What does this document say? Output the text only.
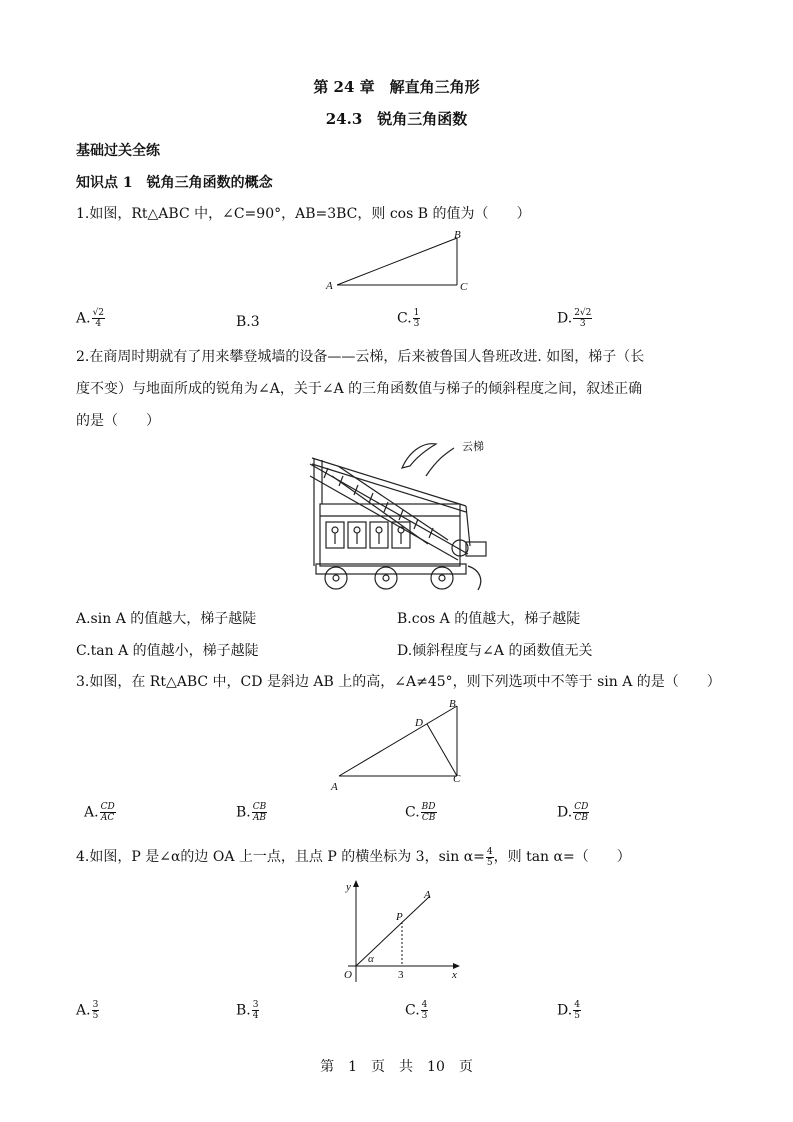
第 24 章　解直角三角形
24.3　锐角三角函数
基础过关全练
知识点 1　锐角三角函数的概念
1.如图，Rt△ABC 中，∠C=90°，AB=3BC，则 cos B 的值为（　　）
A
B
C
A. $\frac{√2}{4}$	B.3	C. $\frac{1}{3}$	D. $\frac{2√2}{3}$
2.在商周时期就有了用来攀登城墙的设备——云梯，后来被鲁国人鲁班改进. 如图，梯子（长
度不变）与地面所成的锐角为∠A，关于∠A 的三角函数值与梯子的倾斜程度之间，叙述正确
的是（　　）
云梯
A.sin A 的值越大，梯子越陡	B.cos A 的值越大，梯子越陡
C.tan A 的值越小，梯子越陡	D.倾斜程度与∠A 的函数值无关
3.如图，在 Rt△ABC 中，CD 是斜边 AB 上的高，∠A≠45°，则下列选项中不等于 sin A 的是（　　）
A
B
C
D
A. $\frac{CD}{AC}$	B. $\frac{CB}{AB}$	C. $\frac{BD}{CB}$	D. $\frac{CD}{CB}$
4.如图，P 是∠α的边 OA 上一点，且点 P 的横坐标为 3，$\sin \alpha= \frac{4}{5}$ ，则 tan α=（　　）
y
x
O
A
P
α
3
A. $\frac{3}{5}$	B. $\frac{3}{4}$	C. $\frac{4}{3}$	D. $\frac{4}{5}$
第　1　页　共　10　页
